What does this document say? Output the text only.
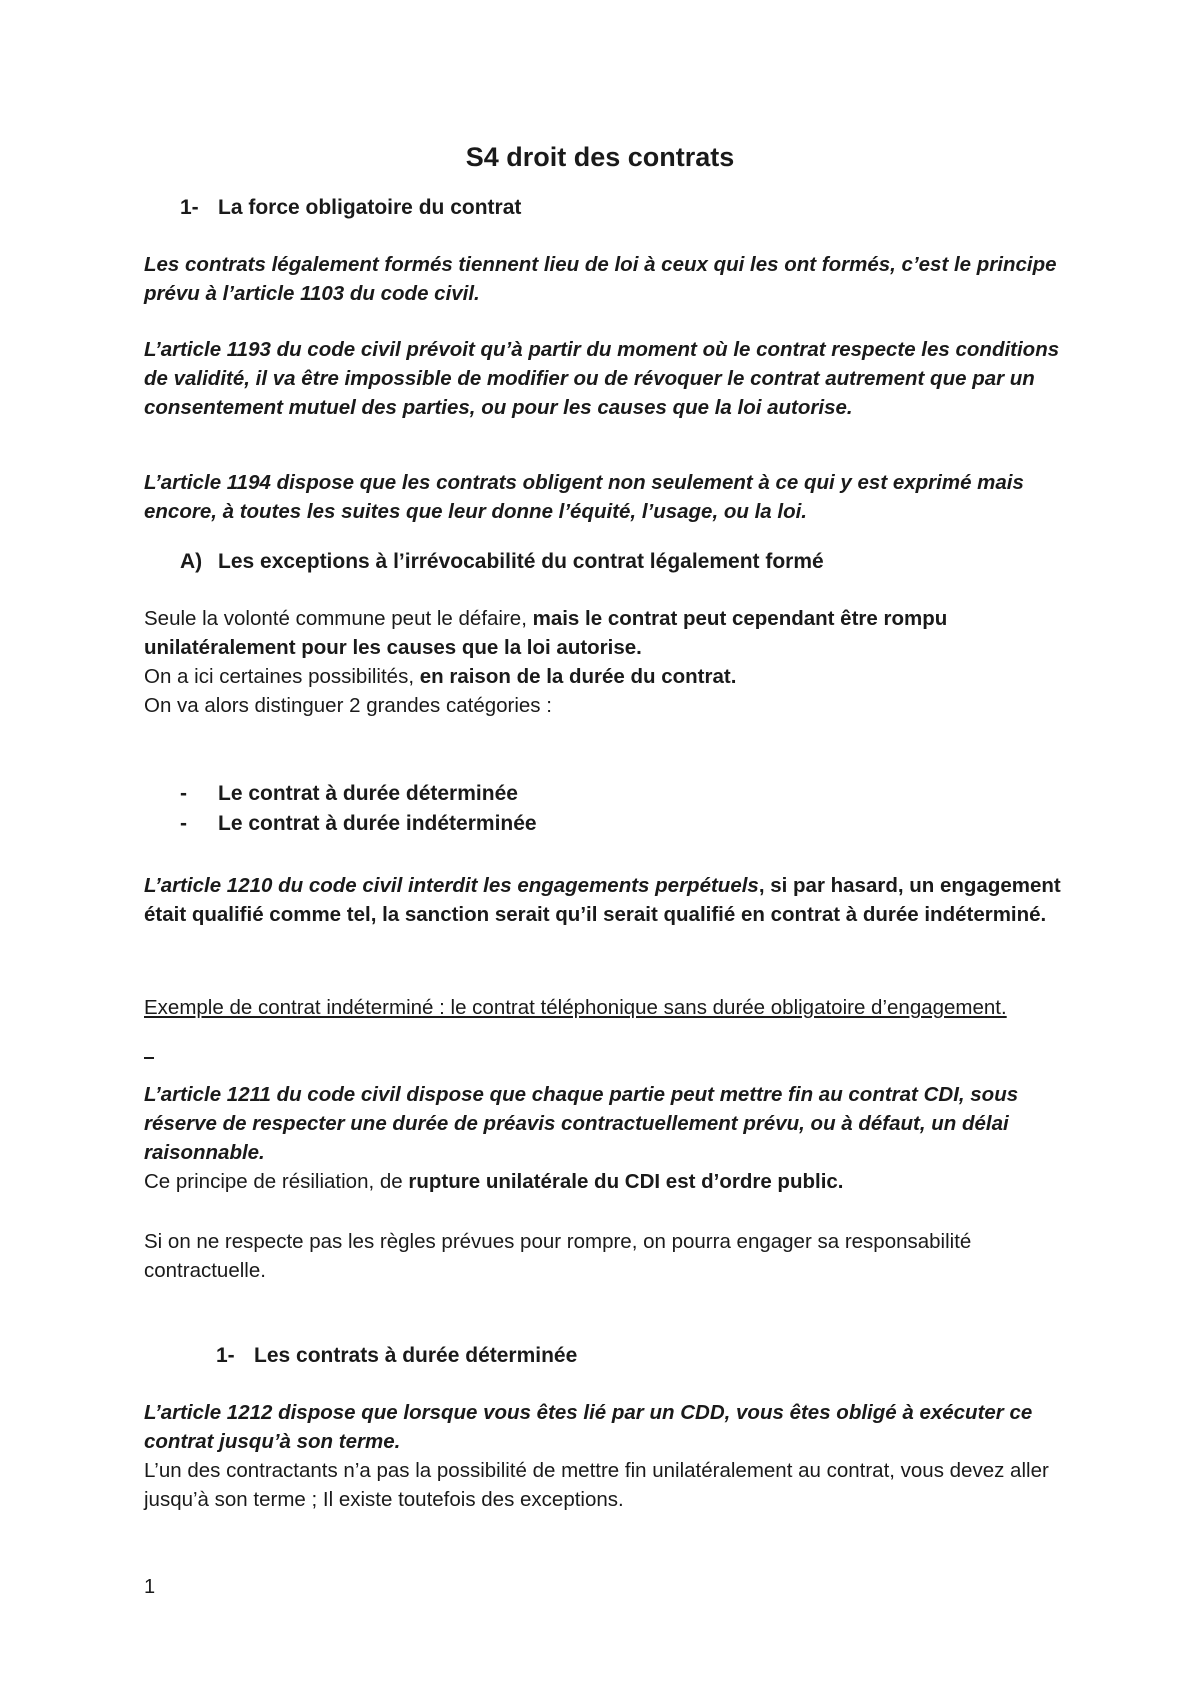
S4 droit des contrats

1- La force obligatoire du contrat

Les contrats légalement formés tiennent lieu de loi à ceux qui les ont formés, c’est le principe prévu à l’article 1103 du code civil.

L’article 1193 du code civil prévoit qu’à partir du moment où le contrat respecte les conditions de validité, il va être impossible de modifier ou de révoquer le contrat autrement que par un consentement mutuel des parties, ou pour les causes que la loi autorise.

L’article 1194 dispose que les contrats obligent non seulement à ce qui y est exprimé mais encore, à toutes les suites que leur donne l’équité, l’usage, ou la loi.

A) Les exceptions à l’irrévocabilité du contrat légalement formé

Seule la volonté commune peut le défaire, mais le contrat peut cependant être rompu unilatéralement pour les causes que la loi autorise.
On a ici certaines possibilités, en raison de la durée du contrat.
On va alors distinguer 2 grandes catégories :

- Le contrat à durée déterminée
- Le contrat à durée indéterminée

L’article 1210 du code civil interdit les engagements perpétuels, si par hasard, un engagement était qualifié comme tel, la sanction serait qu’il serait qualifié en contrat à durée indéterminé.

Exemple de contrat indéterminé : le contrat téléphonique sans durée obligatoire d’engagement.

L’article 1211 du code civil dispose que chaque partie peut mettre fin au contrat CDI, sous réserve de respecter une durée de préavis contractuellement prévu, ou à défaut, un délai raisonnable.
Ce principe de résiliation, de rupture unilatérale du CDI est d’ordre public.

Si on ne respecte pas les règles prévues pour rompre, on pourra engager sa responsabilité contractuelle.

1- Les contrats à durée déterminée

L’article 1212 dispose que lorsque vous êtes lié par un CDD, vous êtes obligé à exécuter ce contrat jusqu’à son terme.
L’un des contractants n’a pas la possibilité de mettre fin unilatéralement au contrat, vous devez aller jusqu’à son terme ; Il existe toutefois des exceptions.

1
